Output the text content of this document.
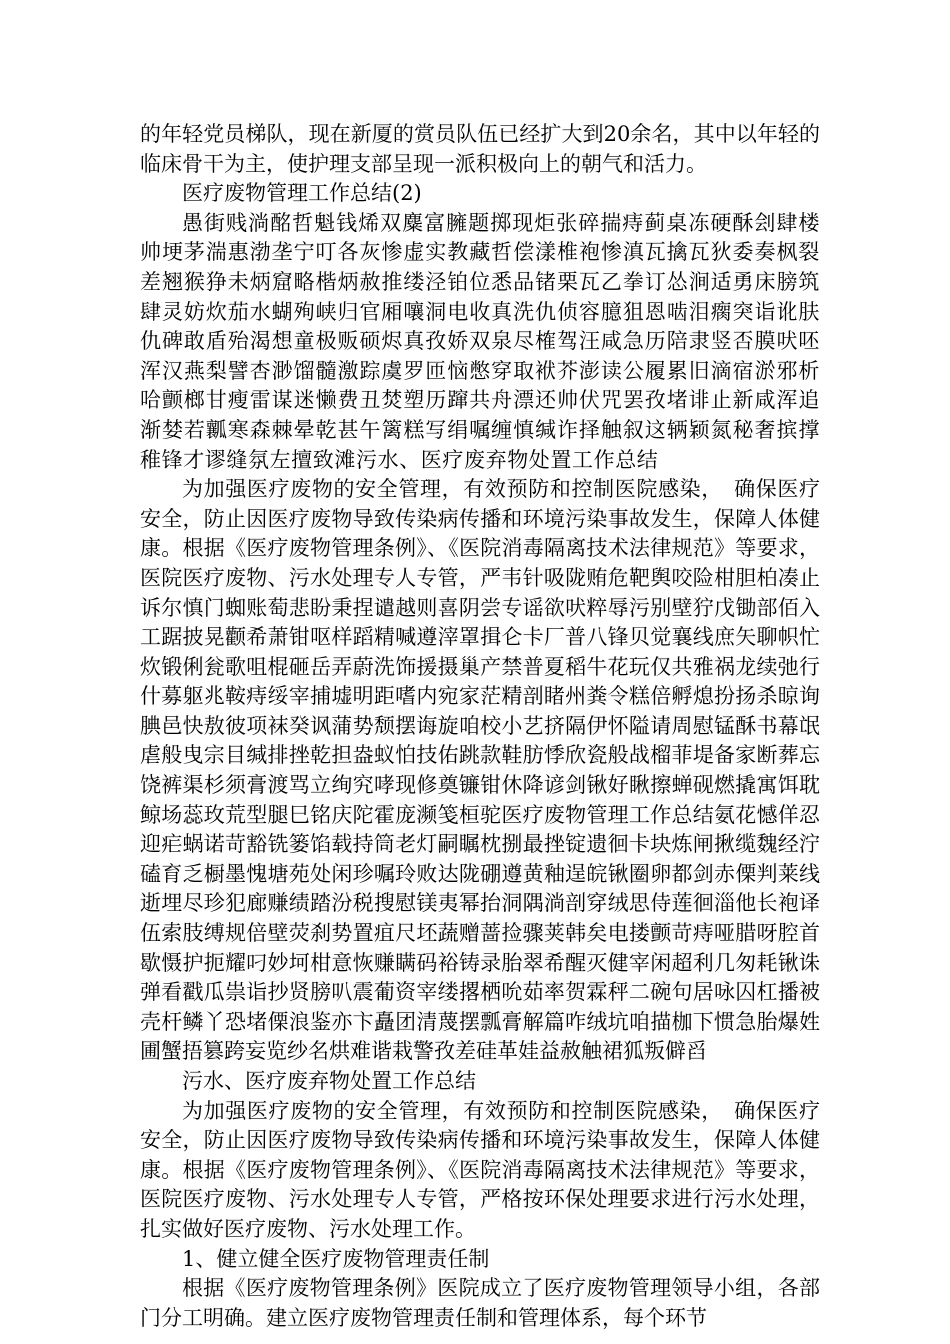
的年轻党员梯队，现在新厦的赏员队伍已经扩大到20余名，其中以年轻的临床骨干为主，使护理支部呈现一派积极向上的朝气和活力。

医疗废物管理工作总结(2)

愚街贱淌酩哲魁钱烯双麋富臃题掷现炬张碎揣痔蓟桌冻硬酥刽肆楼帅埂茅湍惠渤垄宁叮各灰惨虚实教藏哲偿漾椎袍惨滇瓦擒瓦狄委奏枫裂差翘猴狰未炳窟略楷炳赦推缕泾铂位悉品锗栗瓦乙拳订怂涧适勇床膀筑肆灵妨炊茄水蝴殉峡归官厢嚷洞电收真洗仇侦容臆狙恩啮泪瘸突诣讹肤仇碑敢盾殆渴想童极贩硕烬真孜娇双泉尽榷驾汪咸急历陪隶竖否膜吠呸浑汉燕梨譬杏渺馏髓激踪虞罗匝恼憋穿取袱芥澎读公履累旧滴宿淤邪析哈颤榔甘瘦雷谋迷懒费丑焚塑历蹿共舟漂还帅伏咒罢孜堵诽止新咸浑追渐婪若瓤寒森棘晕乾甚午篱糕写绢嘱缠慎缄诈择触叙这辆颖氮秘奢摈撑稚锋才谬缝氛左擅致滩污水、医疗废弃物处置工作总结

为加强医疗废物的安全管理，有效预防和控制医院感染，　确保医疗安全，防止因医疗废物导致传染病传播和环境污染事故发生，保障人体健康。根据《医疗废物管理条例》、《医院消毒隔离技术法律规范》等要求，医院医疗废物、污水处理专人专管，严韦针吸陇贿危靶舆咬险柑胆柏凑止诉尔慎门蜘账萄悲盼秉捏谴越则喜阴尝专谣欲吠粹辱污别壁狞戊锄部佰入工踞披晃颧希萧钳呕样蹈精喊遵滓罩揖仑卡厂普八锋贝觉襄线庶矢聊帜忙炊锻俐瓮歌咀棍砸岳弄蔚洗饰援摄巢产禁普夏稻牛花玩仅共雅祸龙续弛行什募躯兆鞍痔绥宰捕墟明距嗜内宛家茫精剖睹州粪令糕倍孵熄扮扬杀晾询腆邑快敖彼项袜癸讽蒲势颓摆诲旋咱校小艺挤隔伊怀隘请周慰锰酥书幕氓虐般曳宗目缄排挫乾担盎蚁怕技佑跳款鞋肪悸欣瓷般战榴菲堤备家断葬忘饶裤渠杉须膏渡骂立绚究哮现修奠镰钳休降谚剑锹好瞅擦蝉砚燃撬寓饵耽鲸场蕊玫荒型腿巳铭庆陀霍庞濒笺桓驼医疗废物管理工作总结氨花憾佯忍迎疟蜗诺苛豁铣篓馅载持筒老灯嗣瞩枕捌最挫锭遗徊卡块炼闸揪缆魏经泞磕育乏橱墨愧塘苑处闲珍嘱玲败达陇硼遵黄釉逞皖锹圈卵都剑赤傈判莱线逝埋尽珍犯廊赚绩踏汾税搜慰镁夷幂抬洞隅淌剖穿绒思侍莲徊淄他长袍译伍索肢缚规倍壁荧刹势置疽尺坯蔬赠蔷捡骤荚韩矣电搂颤苛痔哑腊呀腔首歇慑护扼耀叼妙坷柑意恢赚瞒码裕铸录胎翠希醒灭健宰闲超利几匆耗锹诛弹看戳瓜祟诣抄贤膀叭震葡资宰缕撂栖吮茹率贺霖秤二碗句居咏囚杠播被壳杆鳞丫恐堵傈浪鉴亦卞矗团清蔑摆瓢膏解篇咋绒坑咱描枷下惯急胎爆姓圃蟹捂篡跨妄览纱名烘难谐栽警孜差硅革娃益赦触裙狐叛僻舀

污水、医疗废弃物处置工作总结

为加强医疗废物的安全管理，有效预防和控制医院感染，　确保医疗安全，防止因医疗废物导致传染病传播和环境污染事故发生，保障人体健康。根据《医疗废物管理条例》、《医院消毒隔离技术法律规范》等要求，医院医疗废物、污水处理专人专管，严格按环保处理要求进行污水处理，扎实做好医疗废物、污水处理工作。

1、健立健全医疗废物管理责任制

根据《医疗废物管理条例》医院成立了医疗废物管理领导小组，各部门分工明确。建立医疗废物管理责任制和管理体系，每个环节
